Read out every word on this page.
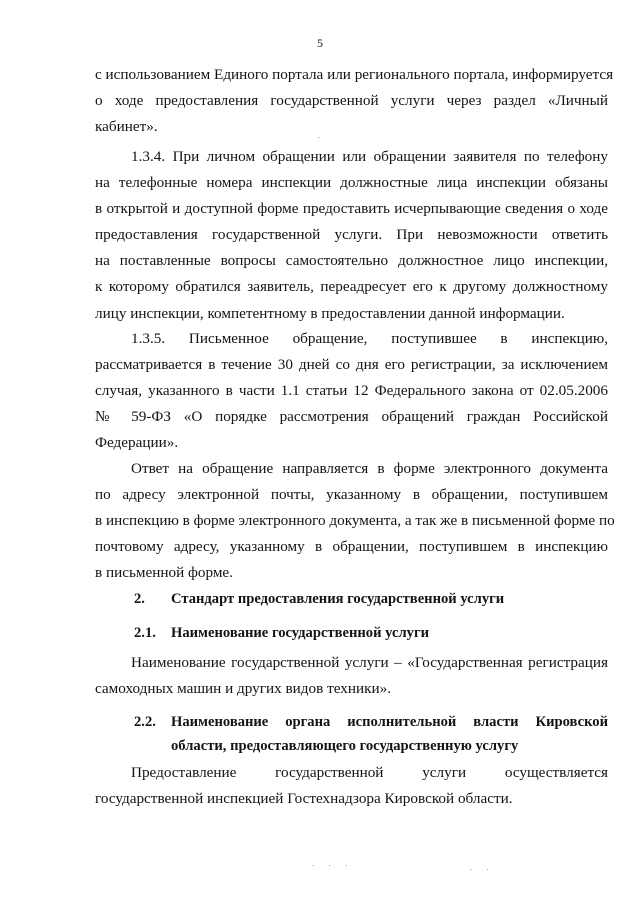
5
.
. . .	. .

с использованием Единого портала или регионального портала, информируется
о ходе предоставления государственной услуги через раздел «Личный
кабинет».

1.3.4. При личном обращении или обращении заявителя по телефону
на телефонные номера инспекции должностные лица инспекции обязаны
в открытой и доступной форме предоставить исчерпывающие сведения о ходе
предоставления государственной услуги. При невозможности ответить
на поставленные вопросы самостоятельно должностное лицо инспекции,
к которому обратился заявитель, переадресует его к другому должностному
лицу инспекции, компетентному в предоставлении данной информации.

1.3.5. Письменное обращение, поступившее в инспекцию,
рассматривается в течение 30 дней со дня его регистрации, за исключением
случая, указанного в части 1.1 статьи 12 Федерального закона от 02.05.2006
№ 59-ФЗ «О порядке рассмотрения обращений граждан Российской
Федерации».

Ответ на обращение направляется в форме электронного документа
по адресу электронной почты, указанному в обращении, поступившем
в инспекцию в форме электронного документа, а так же в письменной форме по
почтовому адресу, указанному в обращении, поступившем в инспекцию
в письменной форме.

2. Стандарт предоставления государственной услуги
2.1. Наименование государственной услуги

Наименование государственной услуги – «Государственная регистрация
самоходных машин и других видов техники».

2.2. Наименование органа исполнительной власти Кировской
области, предоставляющего государственную услугу

Предоставление государственной услуги осуществляется
государственной инспекцией Гостехнадзора Кировской области.
